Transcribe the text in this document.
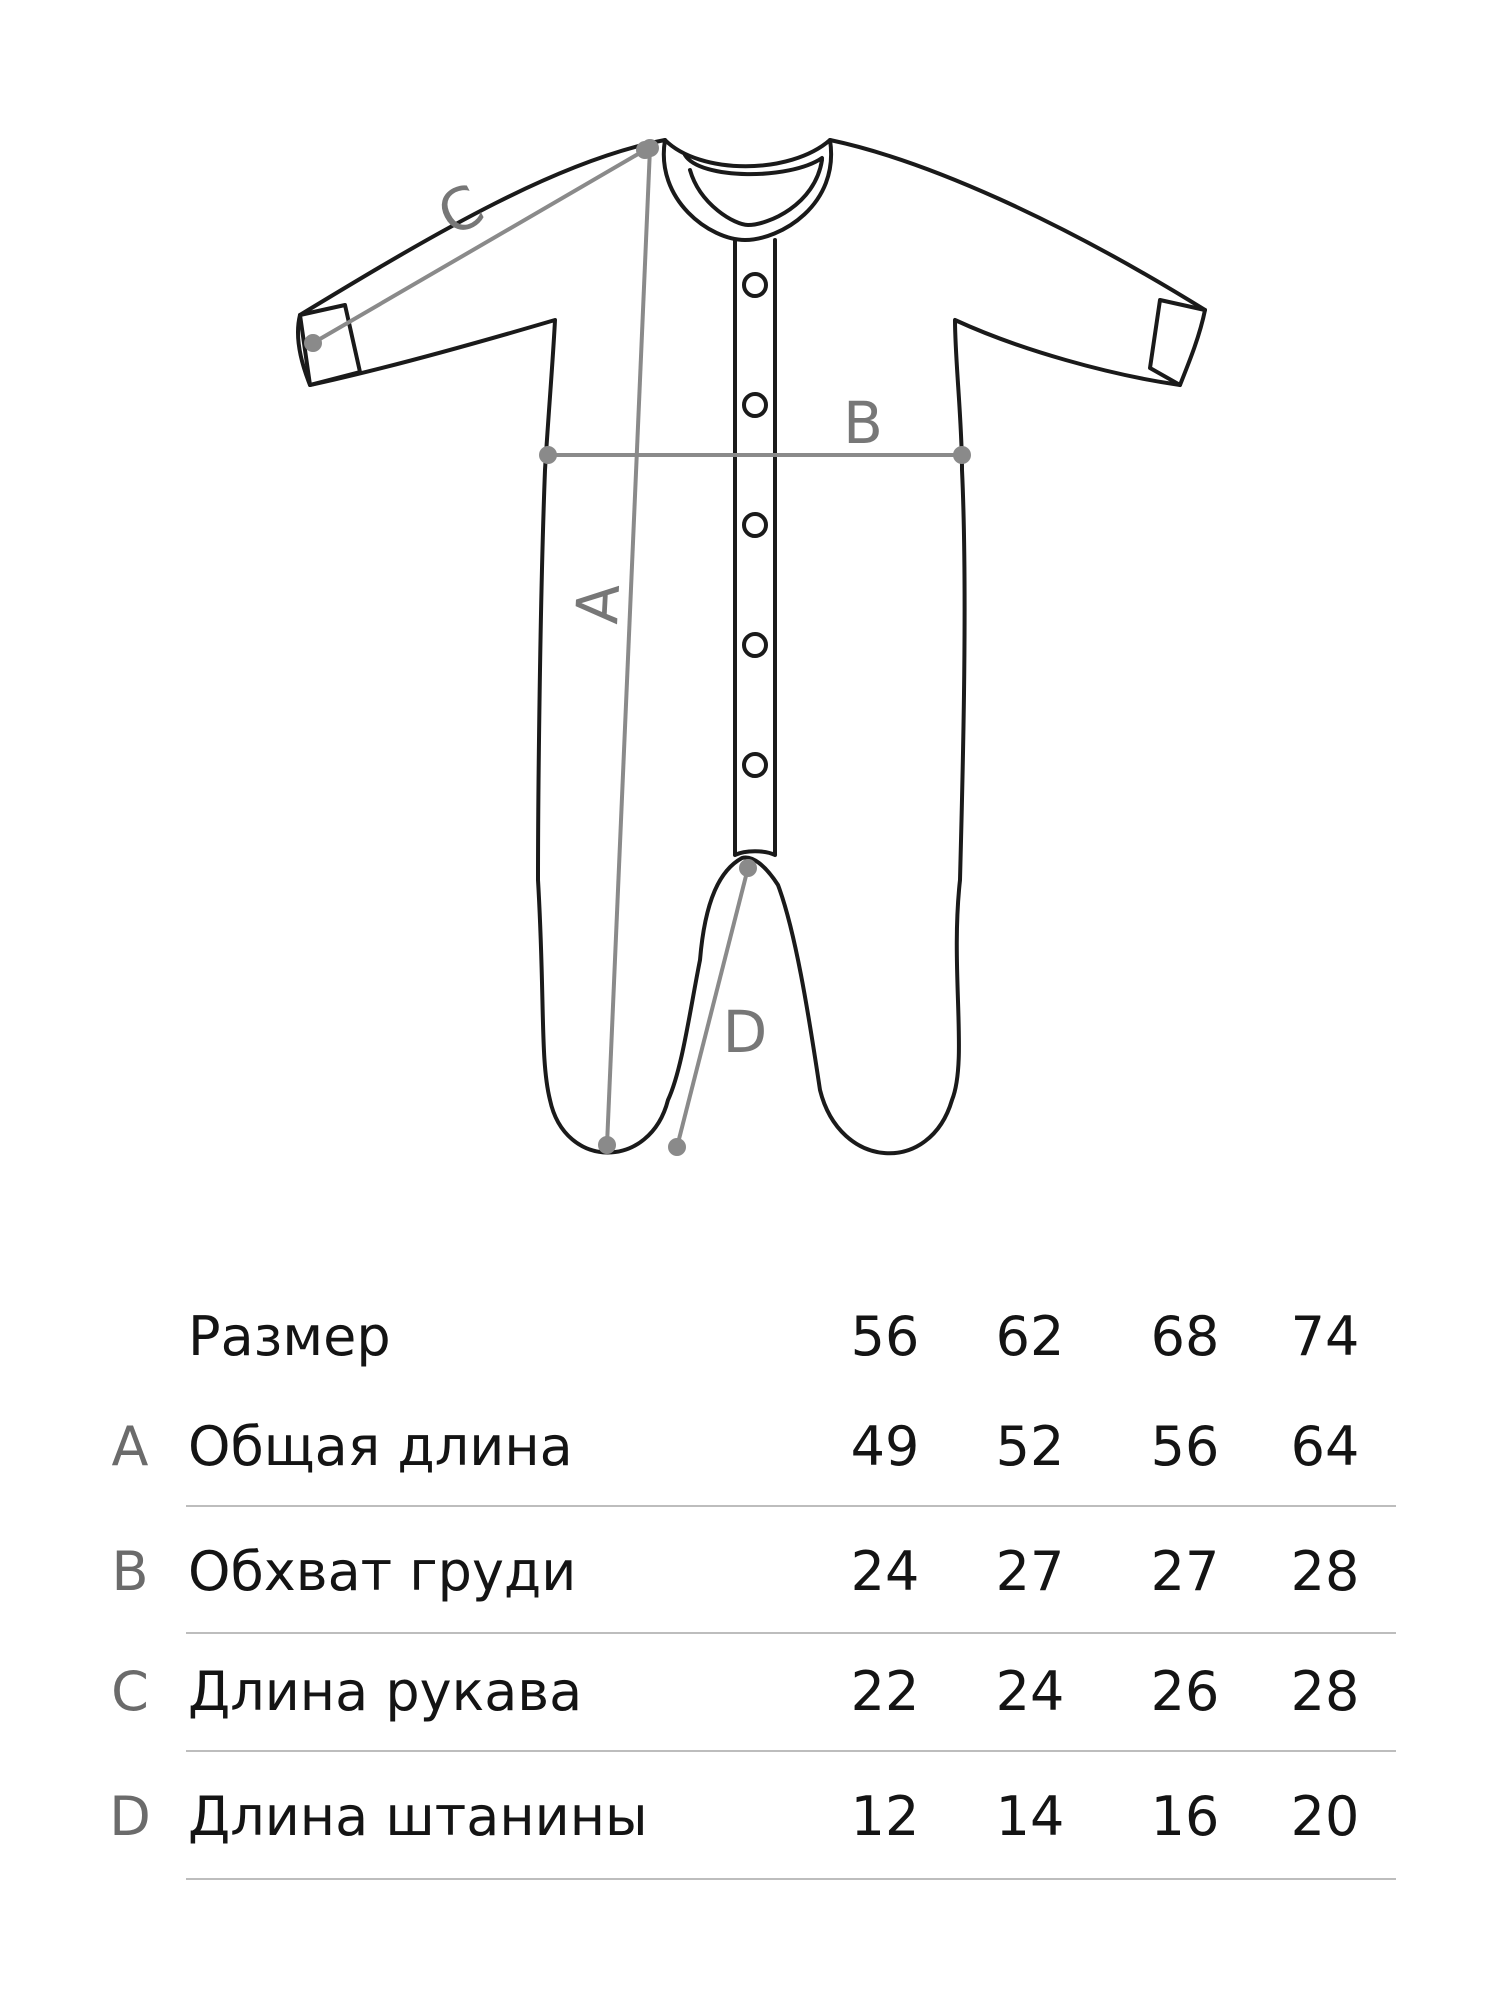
A
B
C
D
Размер	56	62	68	74
A Общая длина	49	52	56	64
B Обхват груди	24	27	27	28
C Длина рукава	22	24	26	28
D Длина штанины	12	14	16	20
